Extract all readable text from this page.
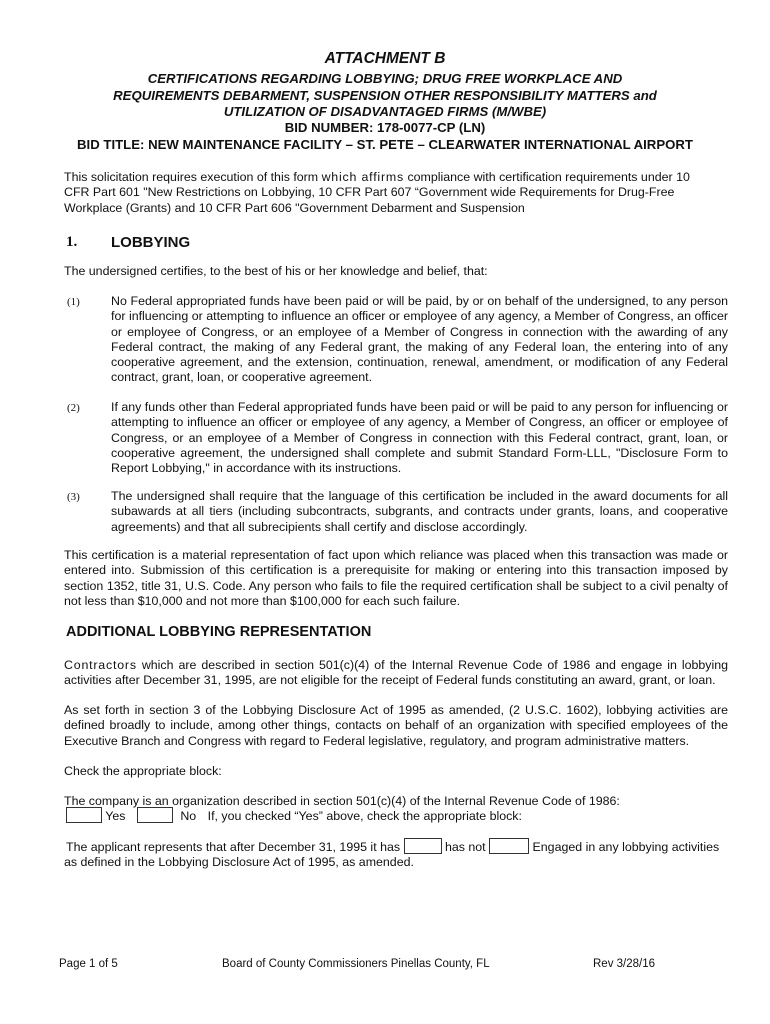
ATTACHMENT B
CERTIFICATIONS REGARDING LOBBYING; DRUG FREE WORKPLACE AND
REQUIREMENTS DEBARMENT, SUSPENSION OTHER RESPONSIBILITY MATTERS and
UTILIZATION OF DISADVANTAGED FIRMS (M/WBE)
BID NUMBER: 178-0077-CP (LN)
BID TITLE: NEW MAINTENANCE FACILITY – ST. PETE – CLEARWATER INTERNATIONAL AIRPORT
This solicitation requires execution of this form which affirms compliance with certification requirements under 10
CFR Part 601 "New Restrictions on Lobbying, 10 CFR Part 607 “Government wide Requirements for Drug-Free
Workplace (Grants) and 10 CFR Part 606 "Government Debarment and Suspension
1. LOBBYING
The undersigned certifies, to the best of his or her knowledge and belief, that:
(1)	No Federal appropriated funds have been paid or will be paid, by or on behalf of the undersigned, to any person for influencing or attempting to influence an officer or employee of any agency, a Member of Congress, an officer or employee of Congress, or an employee of a Member of Congress in connection with the awarding of any Federal contract, the making of any Federal grant, the making of any Federal loan, the entering into of any cooperative agreement, and the extension, continuation, renewal, amendment, or modification of any Federal contract, grant, loan, or cooperative agreement.
(2)	If any funds other than Federal appropriated funds have been paid or will be paid to any person for influencing or attempting to influence an officer or employee of any agency, a Member of Congress, an officer or employee of Congress, or an employee of a Member of Congress in connection with this Federal contract, grant, loan, or cooperative agreement, the undersigned shall complete and submit Standard Form-LLL, "Disclosure Form to Report Lobbying," in accordance with its instructions.
(3)	The undersigned shall require that the language of this certification be included in the award documents for all subawards at all tiers (including subcontracts, subgrants, and contracts under grants, loans, and cooperative agreements) and that all subrecipients shall certify and disclose accordingly.
This certification is a material representation of fact upon which reliance was placed when this transaction was made or entered into. Submission of this certification is a prerequisite for making or entering into this transaction imposed by section 1352, title 31, U.S. Code. Any person who fails to file the required certification shall be subject to a civil penalty of not less than $10,000 and not more than $100,000 for each such failure.
ADDITIONAL LOBBYING REPRESENTATION
Contractors which are described in section 501(c)(4) of the Internal Revenue Code of 1986 and engage in lobbying activities after December 31, 1995, are not eligible for the receipt of Federal funds constituting an award, grant, or loan.
As set forth in section 3 of the Lobbying Disclosure Act of 1995 as amended, (2 U.S.C. 1602), lobbying activities are defined broadly to include, among other things, contacts on behalf of an organization with specified employees of the Executive Branch and Congress with regard to Federal legislative, regulatory, and program administrative matters.
Check the appropriate block:
The company is an organization described in section 501(c)(4) of the Internal Revenue Code of 1986:
Yes	No If, you checked “Yes” above, check the appropriate block:
The applicant represents that after December 31, 1995 it has	has not	Engaged in any lobbying activities
as defined in the Lobbying Disclosure Act of 1995, as amended.
Page 1 of 5	Board of County Commissioners Pinellas County, FL	Rev 3/28/16
